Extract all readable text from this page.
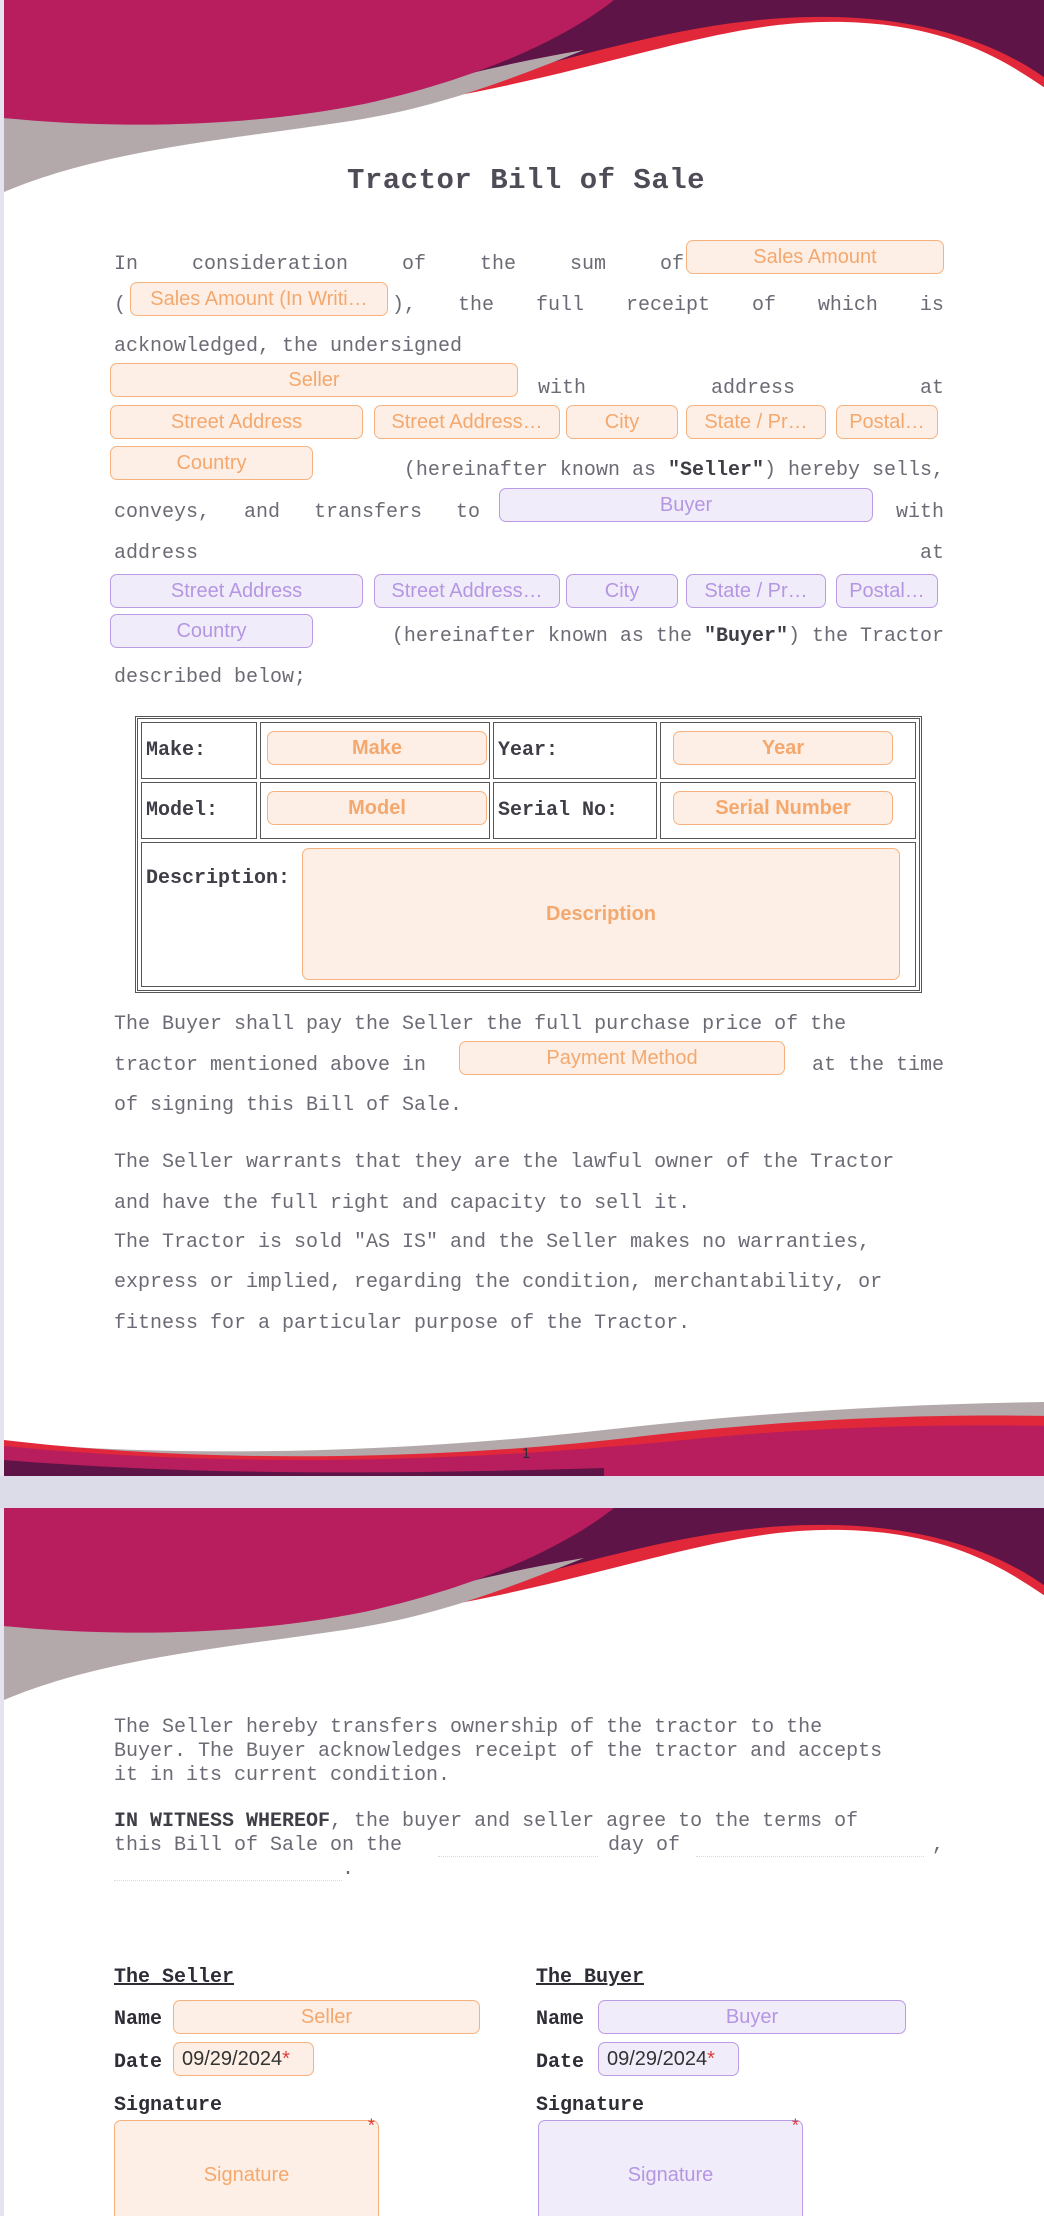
Tractor Bill of Sale
In	consideration	of	the	sum	of	Sales Amount
(	Sales Amount (In Writi… ), the full receipt of which is
acknowledged, the undersigned
Seller	with	address	at
Street Address	Street Address…	City	State / Pr… Postal…
Country	(hereinafter known as "Seller") hereby sells,
conveys, and transfers to	Buyer	with
address	at
Street Address	Street Address…	City	State / Pr… Postal…
Country	(hereinafter known as the "Buyer") the Tractor
described below;
Make:	Make	Year:	Year

Model:	Model	Serial No:	Serial Number

Description:
Description			
The Buyer shall pay the Seller the full purchase price of the
tractor mentioned above in	Payment Method	at the time
of signing this Bill of Sale.
The Seller warrants that they are the lawful owner of the Tractor
and have the full right and capacity to sell it.
The Tractor is sold "AS IS" and the Seller makes no warranties,
express or implied, regarding the condition, merchantability, or
fitness for a particular purpose of the Tractor.
1
The Seller hereby transfers ownership of the tractor to the
Buyer. The Buyer acknowledges receipt of the tractor and accepts
it in its current condition.
IN WITNESS WHEREOF, the buyer and seller agree to the terms of
this Bill of Sale on the	day of	,
.
The Seller
Name	Seller
Date 09/29/2024 *
Signature
Signature
*
The Buyer
Name	Buyer
Date 09/29/2024 *
Signature
Signature
*
